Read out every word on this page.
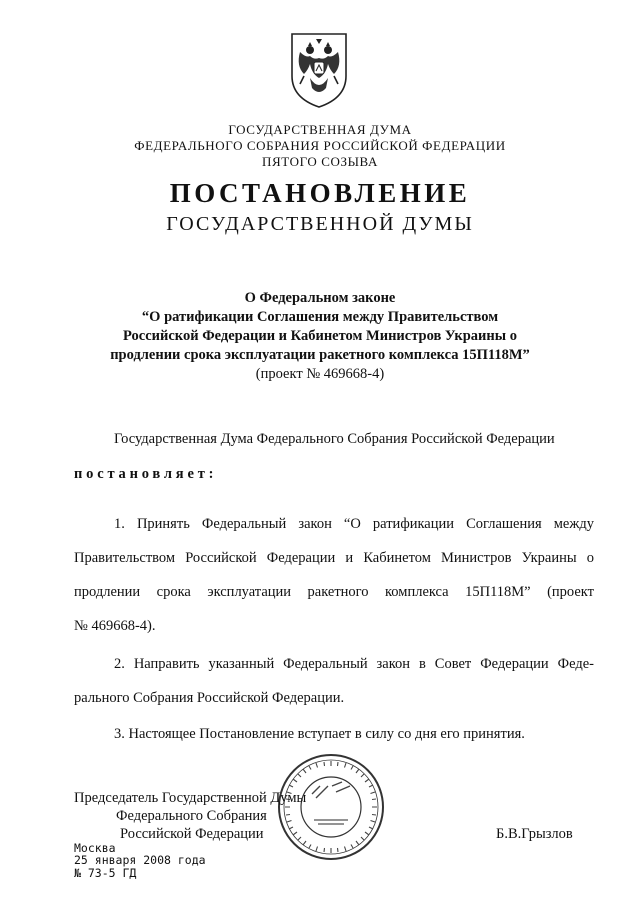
ГОСУДАРСТВЕННАЯ ДУМА
ФЕДЕРАЛЬНОГО СОБРАНИЯ РОССИЙСКОЙ ФЕДЕРАЦИИ
ПЯТОГО СОЗЫВА
ПОСТАНОВЛЕНИЕ
ГОСУДАРСТВЕННОЙ ДУМЫ
О Федеральном законе
“О ратификации Соглашения между Правительством
Российской Федерации и Кабинетом Министров Украины о
продлении срока эксплуатации ракетного комплекса 15П118М”
(проект № 469668-4)
Государственная Дума Федерального Собрания Российской Федерации
постановляет:
1. Принять Федеральный закон “О ратификации Соглашения между
Правительством Российской Федерации и Кабинетом Министров Украины о
продлении срока эксплуатации ракетного комплекса 15П118М” (проект
№ 469668-4).
2. Направить указанный Федеральный закон в Совет Федерации Феде-
рального Собрания Российской Федерации.
3. Настоящее Постановление вступает в силу со дня его принятия.
Председатель Государственной Думы
Федерального Собрания
Российской Федерации	Б.В.Грызлов
Москва
25 января 2008 года
№ 73-5 ГД
